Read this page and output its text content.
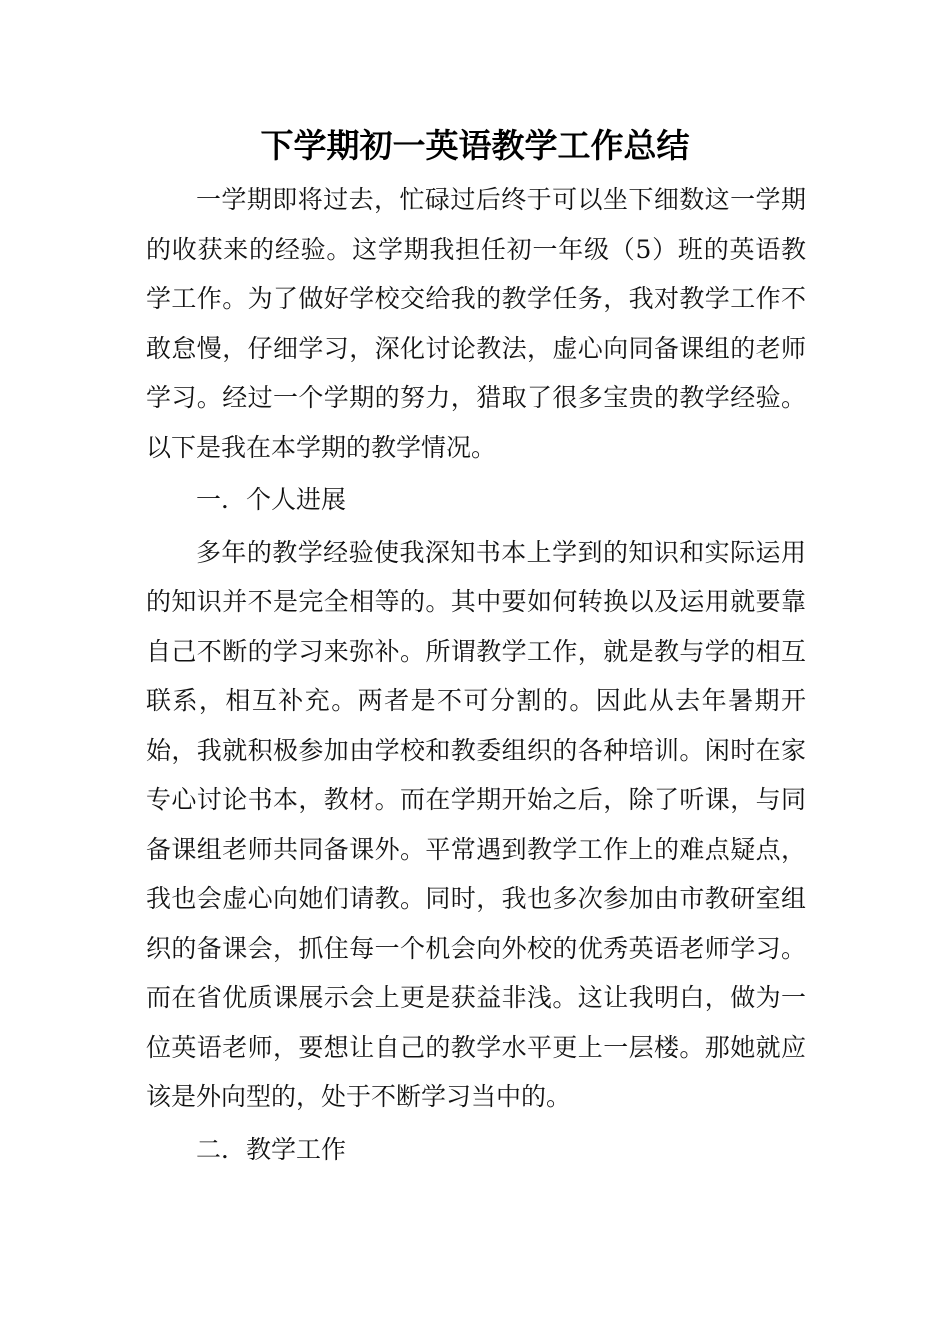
下学期初一英语教学工作总结

一学期即将过去，忙碌过后终于可以坐下细数这一学期的收获来的经验。这学期我担任初一年级（5）班的英语教学工作。为了做好学校交给我的教学任务，我对教学工作不敢怠慢，仔细学习，深化讨论教法，虚心向同备课组的老师学习。经过一个学期的努力，猎取了很多宝贵的教学经验。以下是我在本学期的教学情况。

一．个人进展

多年的教学经验使我深知书本上学到的知识和实际运用的知识并不是完全相等的。其中要如何转换以及运用就要靠自己不断的学习来弥补。所谓教学工作，就是教与学的相互联系，相互补充。两者是不可分割的。因此从去年暑期开始，我就积极参加由学校和教委组织的各种培训。闲时在家专心讨论书本，教材。而在学期开始之后，除了听课，与同备课组老师共同备课外。平常遇到教学工作上的难点疑点，我也会虚心向她们请教。同时，我也多次参加由市教研室组织的备课会，抓住每一个机会向外校的优秀英语老师学习。而在省优质课展示会上更是获益非浅。这让我明白，做为一位英语老师，要想让自己的教学水平更上一层楼。那她就应该是外向型的，处于不断学习当中的。

二．教学工作
